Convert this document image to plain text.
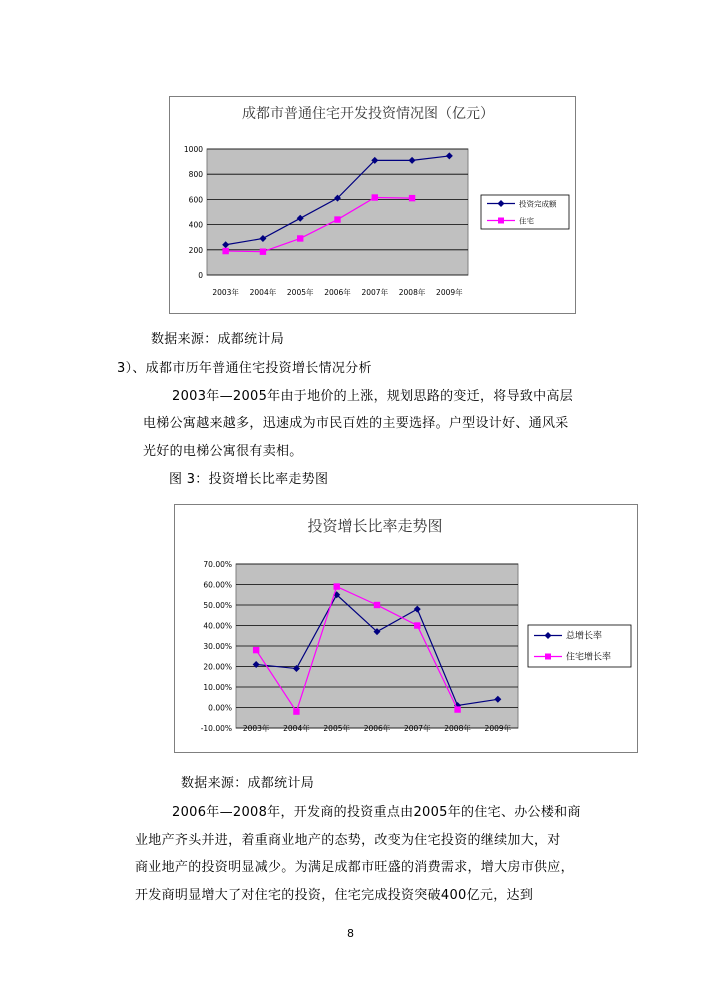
成都市普通住宅开发投资情况图（亿元）
0
200
400
600
800
1000
2003年 2004年 2005年 2006年 2007年 2008年 2009年
投资完成额
住宅
数据来源：成都统计局
3）、成都市历年普通住宅投资增长情况分析
2003年—2005年由于地价的上涨，规划思路的变迁，将导致中高层
电梯公寓越来越多，迅速成为市民百姓的主要选择。户型设计好、通风采
光好的电梯公寓很有卖相。
图 3：投资增长比率走势图
投资增长比率走势图
-10.00%
0.00%
10.00%
20.00%
30.00%
40.00%
50.00%
60.00%
70.00%
2003年 2004年 2005年 2006年 2007年 2008年 2009年
总增长率
住宅增长率
数据来源：成都统计局
2006年—2008年，开发商的投资重点由2005年的住宅、办公楼和商
业地产齐头并进，着重商业地产的态势，改变为住宅投资的继续加大，对
商业地产的投资明显减少。为满足成都市旺盛的消费需求，增大房市供应，
开发商明显增大了对住宅的投资，住宅完成投资突破400亿元，达到
8
